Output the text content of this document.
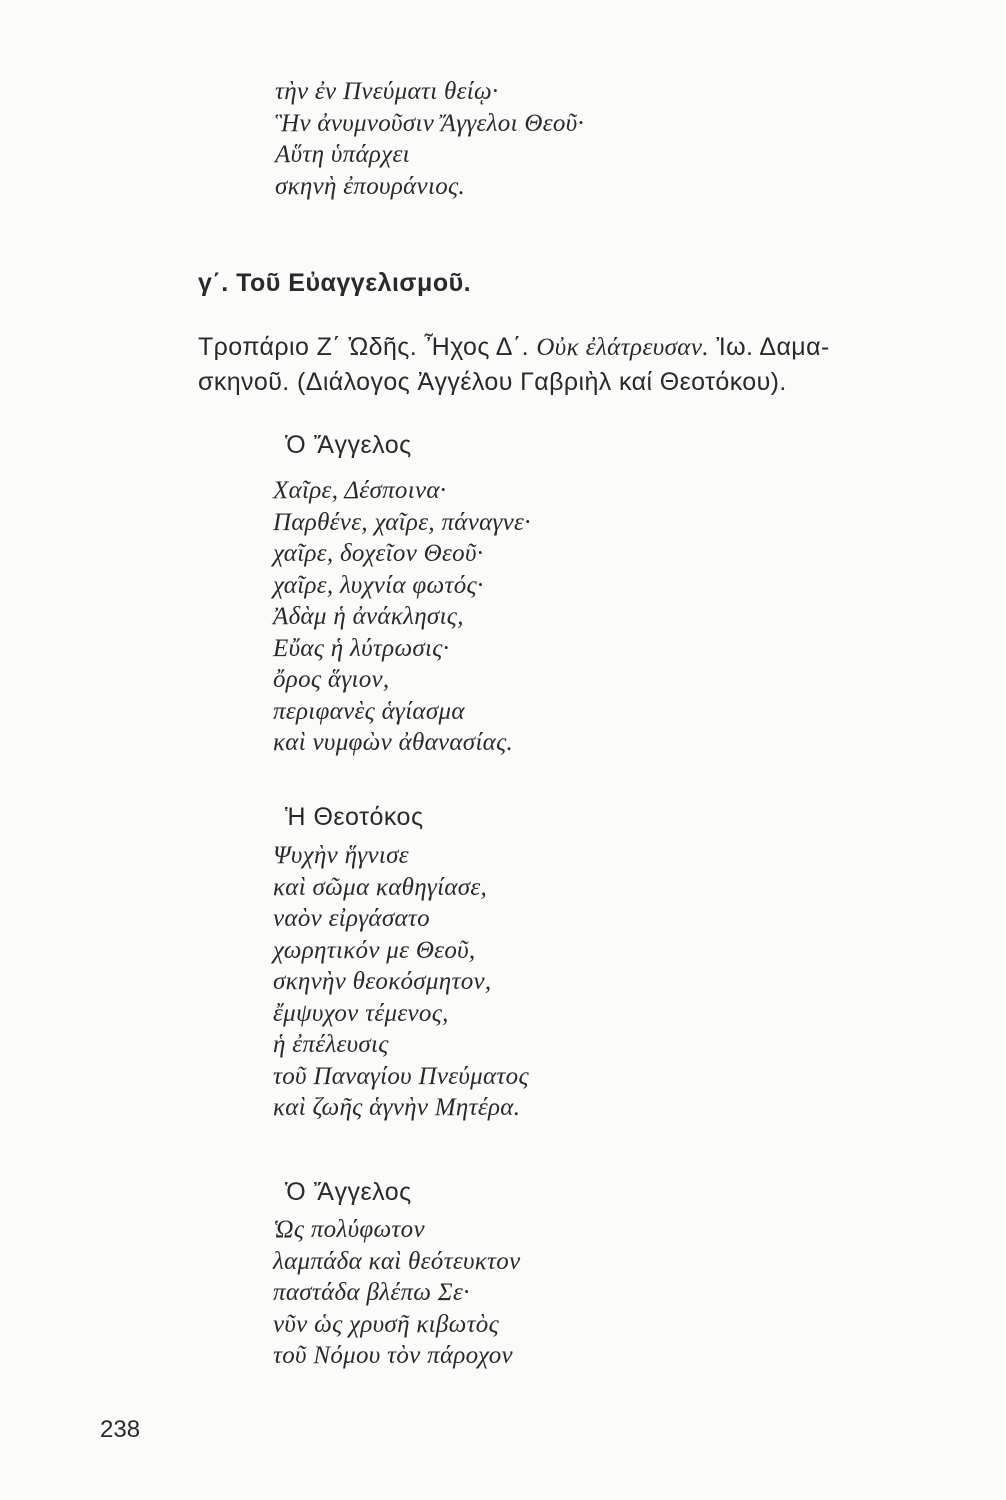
τὴν ἐν Πνεύματι θείῳ·
Ἣν ἀνυμνοῦσιν Ἄγγελοι Θεοῦ·
Αὕτη ὑπάρχει
σκηνὴ ἐπουράνιος.
γ΄. Τοῦ Εὐαγγελισμοῦ.
Τροπάριο Ζ΄ Ὠδῆς. Ἦχος Δ΄. Οὐκ ἐλάτρευσαν. Ἰω. Δαμα-
σκηνοῦ. (Διάλογος Ἀγγέλου Γαβριὴλ καί Θεοτόκου).
Ὁ Ἄγγελος
Χαῖρε, Δέσποινα·
Παρθένε, χαῖρε, πάναγνε·
χαῖρε, δοχεῖον Θεοῦ·
χαῖρε, λυχνία φωτός·
Ἀδὰμ ἡ ἀνάκλησις,
Εὔας ἡ λύτρωσις·
ὄρος ἅγιον,
περιφανὲς ἁγίασμα
καὶ νυμφὼν ἀθανασίας.
Ἡ Θεοτόκος
Ψυχὴν ἥγνισε
καὶ σῶμα καθηγίασε,
ναὸν εἰργάσατο
χωρητικόν με Θεοῦ,
σκηνὴν θεοκόσμητον,
ἔμψυχον τέμενος,
ἡ ἐπέλευσις
τοῦ Παναγίου Πνεύματος
καὶ ζωῆς ἁγνὴν Μητέρα.
Ὁ Ἄγγελος
Ὡς πολύφωτον
λαμπάδα καὶ θεότευκτον
παστάδα βλέπω Σε·
νῦν ὡς χρυσῆ κιβωτὸς
τοῦ Νόμου τὸν πάροχον
238
